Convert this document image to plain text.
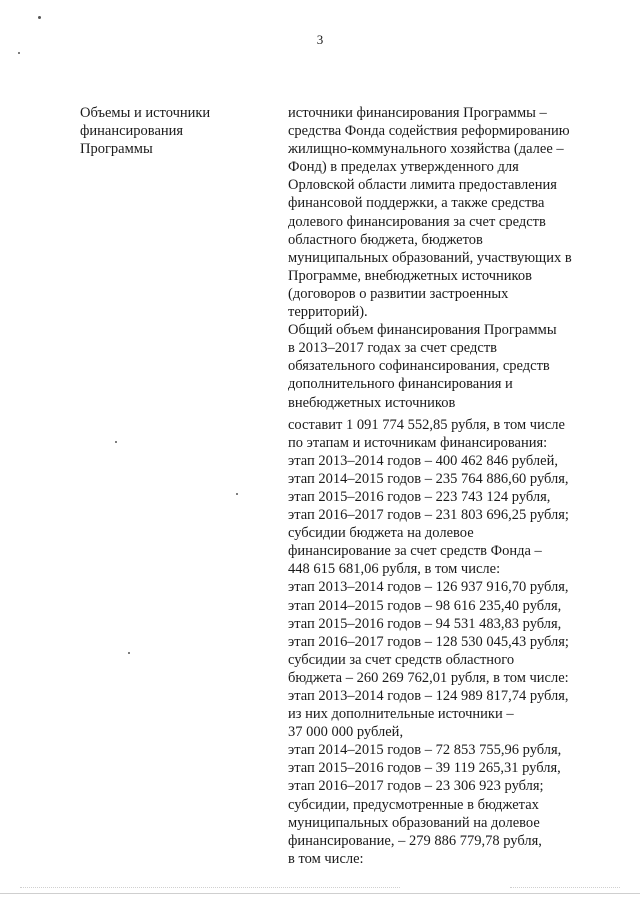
3
Объемы и источники
финансирования
Программы
источники финансирования Программы –
средства Фонда содействия реформированию
жилищно-коммунального хозяйства (далее –
Фонд) в пределах утвержденного для
Орловской области лимита предоставления
финансовой поддержки, а также средства
долевого финансирования за счет средств
областного бюджета, бюджетов
муниципальных образований, участвующих в
Программе, внебюджетных источников
(договоров о развитии застроенных
территорий).
Общий объем финансирования Программы
в 2013–2017 годах за счет средств
обязательного софинансирования, средств
дополнительного финансирования и
внебюджетных источников
составит 1 091 774 552,85 рубля, в том числе
по этапам и источникам финансирования:
этап 2013–2014 годов – 400 462 846 рублей,
этап 2014–2015 годов – 235 764 886,60 рубля,
этап 2015–2016 годов – 223 743 124 рубля,
этап 2016–2017 годов – 231 803 696,25 рубля;
субсидии бюджета на долевое
финансирование за счет средств Фонда –
448 615 681,06 рубля, в том числе:
этап 2013–2014 годов – 126 937 916,70 рубля,
этап 2014–2015 годов – 98 616 235,40 рубля,
этап 2015–2016 годов – 94 531 483,83 рубля,
этап 2016–2017 годов – 128 530 045,43 рубля;
субсидии за счет средств областного
бюджета – 260 269 762,01 рубля, в том числе:
этап 2013–2014 годов – 124 989 817,74 рубля,
из них дополнительные источники –
37 000 000 рублей,
этап 2014–2015 годов – 72 853 755,96 рубля,
этап 2015–2016 годов – 39 119 265,31 рубля,
этап 2016–2017 годов – 23 306 923 рубля;
субсидии, предусмотренные в бюджетах
муниципальных образований на долевое
финансирование, – 279 886 779,78 рубля,
в том числе:
